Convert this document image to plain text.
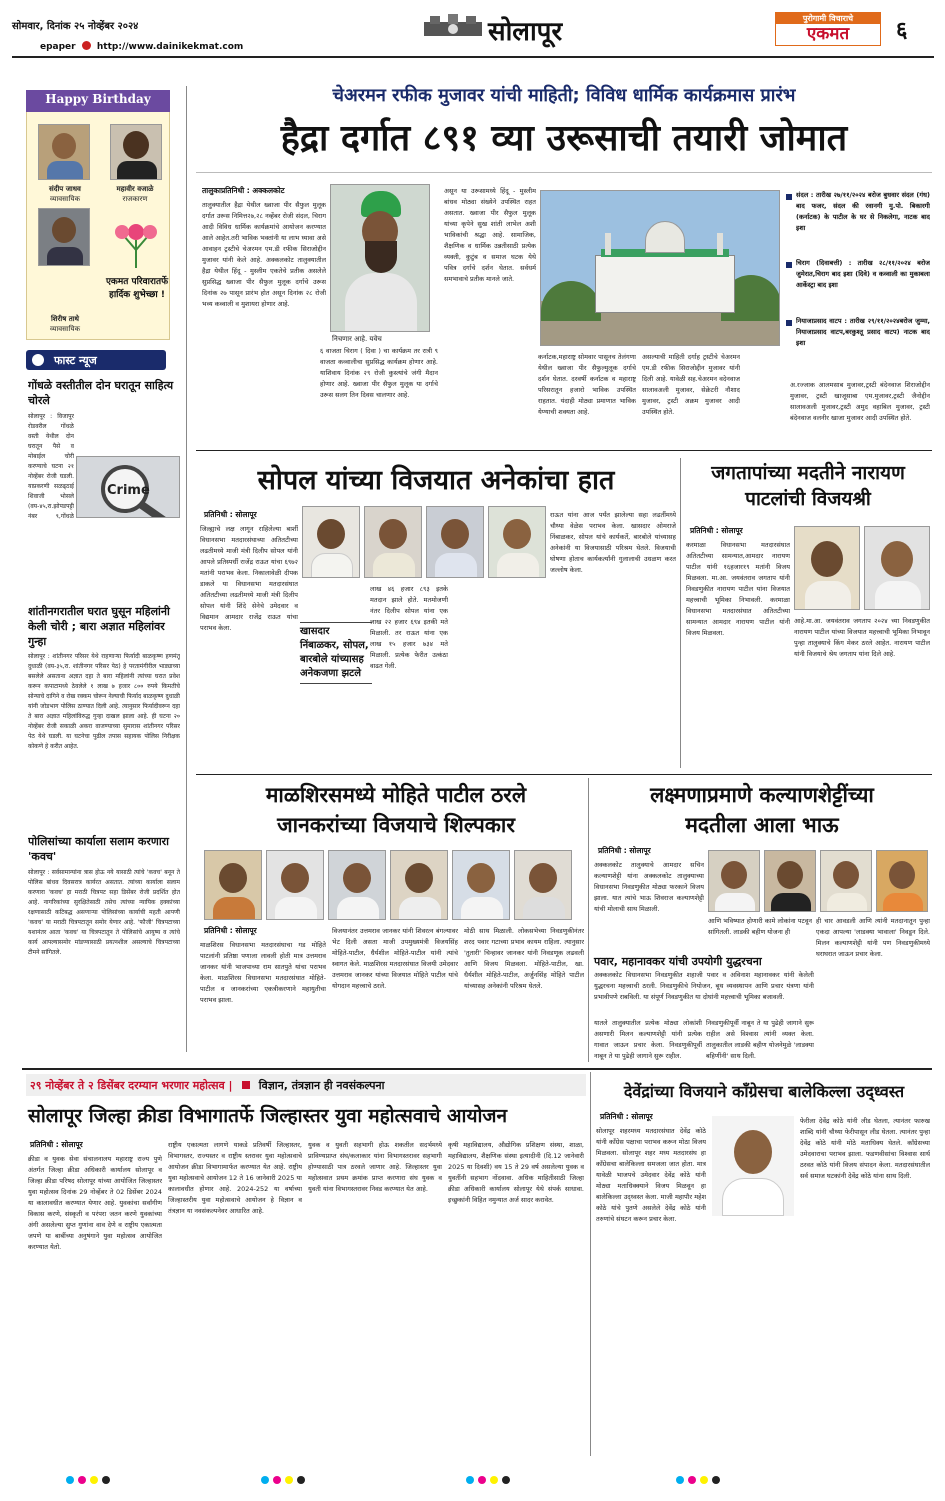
सोमवार, दिनांक २५ नोव्हेंबर २०२४
epaper http://www.dainikekmat.com	सोलापूर	पुरोगामी विचाराचे
एकमत	६
Happy Birthday
संदीप जाधव
व्यावसायिक
महावीर वजाळे
राजकारण
शिरीष ताथे
व्यावसायिक
एकमत परिवारातर्फे हार्दिक शुभेच्छा !
फास्ट न्यूज
गोंधळे वस्तीतील दोन घरातून साहित्य चोरले
Crime
सोलापूर : विजापूर रोडवरील गोंधळे वस्ती येथील दोन घरातून पैसे व मोबाईल चोरी करण्याचे घटना २१ नोव्हेंबर रोजी घडली. याप्रकरणी सळढ्ठाई शिवाजी भोसले (वय-४५,रा.झोपडपट्टी नंबर ९,गोंधळे
शांतीनगरातील घरात घुसून महिलांनी केली चोरी ; बारा अज्ञात महिलांवर गुन्हा
सोलापूर : शांतीनगर परिसर येथे राहणाऱ्या फिर्यादी बाळकृष्ण हणमंतू दुधाळी (वय-३५,रा. शांतीनगर परिसर पेठ) हे परतामंगीरील भाड्याच्या बसलेले असताना अज्ञात दहा ते बारा महिलांनी त्यांच्या घरात प्रवेश करून कपाटामध्ये ठेवलेले १ लाख ७ हजार ८०० रुपये किमतीचे सोन्याचे दागिने व रोख रक्कम चोरून नेल्याची फिर्याद बाळकृष्ण दुधाळी यांनी जोडभाग पोलिस ठाण्यात दिली आहे. त्यानुसार फिर्यादीवरून दहा ते बारा अज्ञात महिलांविरुद्ध गुन्हा दाखल झाला आहे. ही घटना २० नोव्हेंबर रोजी सकाळी अकरा वाजण्याच्या सुमारास शांतीनगर परिसर पेठ येथे घडली. या घटनेचा पुढील तपास सहायक पोलिस निरीक्षक कोकणे हे करीत आहेत.
पोलिसांच्या कार्याला सलाम करणारा 'कवच'
सोलापूर : सर्वसामान्यांना त्रास होऊ नये यासाठी त्यांचे 'कवच' बनून ते पोलिस बांधव दिवसरात्र कार्यरत असतात. त्यांच्या कार्याला सलाम करणारा 'कवच' हा मराठी चित्रपट सहा डिसेंबर रोजी प्रदर्शित होत आहे. नागरिकांच्या सुरक्षितेसाठी तसेच त्यांच्या न्यायिक हक्कांच्या रक्षणासाठी कटिबद्ध असणाऱ्या पोलिसांच्या कार्याची महती आपणी 'कवच' या मराठी चित्रपटातून समोर येणार आहे. 'फौजी' चित्रपटाच्या यशानंतर आता 'कवच' या चित्रपटातून ते पोलिसांचे आयुष्य व त्यांचे कार्य आपल्यासमोर मांडण्यासाठी प्रयत्नशील असल्याचे चित्रपटाच्या टीमने सांगितले.
चेअरमन रफीक मुजावर यांची माहिती; विविध धार्मिक कार्यक्रमास प्रारंभ
हैद्रा दर्गात ८९१ व्या उरूसाची तयारी जोमात
तालुकाप्रतिनिधी : अक्कलकोट
तालुक्यातील हैद्रा येथील ख्वाजा पीर सैफुल मुलूक दर्गात उरूस निमित्त२७,२८ नव्हेंबर रोजी संदल, चिराग आदी विविध धार्मिक कार्यक्रमांचे आयोजन करण्यात आले आहेत.तरी भाविक भक्तांनी या लाभ घ्यावा असे आवाहन ट्रस्टीचे चेअरमन एम.डी रफीक सिराजोद्दीन मुजावर यांनी केले आहे. अक्कलकोट तालुक्यातील हैद्रा येथील हिंदू - मुस्लीम एकतेचे प्रतीक असलेले सुप्रसिद्ध ख्वाजा पीर सैफुल मुलूक दर्गाचे उरूस दिनांक २७ पासून प्रारंभ होत असून दिनांक २८ रोजी भव्य कव्वाली व मुशायरा होणार आहे.
निचणार आहे. यवेच
६ वाजता चिराग ( दिवा ) चा कार्यक्रम तर रात्री ९ वाजता कव्वालीचा सुप्रसिद्ध कार्यक्रम होणार आहे. याशिवाय दिनांक २९ रोजी कुस्त्यांचे जंगी मैदान होणार आहे. ख्वाजा पीर सैफुल मुलूक या दर्गाचे उरूस सलग तिन दिवस चालणार आहे.
असून या उरूसामध्ये हिंदू - मुस्लीम बांधव मोठ्या संख्येने उपस्थित राहत असतात. ख्वाजा पीर सैफुल मुलूक यांच्या कृपेने सुख शांती लाभेल अशी भाविकांची श्रद्धा आहे. सामाजिक, शैक्षणिक व धार्मिक उन्नतीसाठी प्रत्येक व्यक्ती, कुटुंब व समाज घटक येथे पवित्र दर्गाचे दर्शन घेतात. सर्वधर्म समभावाचे प्रतीक मानले जाते.
कर्नाटक,महाराष्ट्र सोमवार पासूनच तेलंगणा येथील ख्वाजा पीर सैफुल्मुलूक दर्गाचे दर्शन घेतात. दरवर्षी कर्नाटक व महाराष्ट्र परिसरातून हजारो भाविक उपस्थित राहतात. यंदाही मोठ्या प्रमाणात भाविक येण्याची शक्यता आहे.
असल्याची माहिती दर्गाह ट्रस्टीचे चेअरमन एम.डी रफीक सिराजोद्दीन मुजावर यांनी दिली आहे. यावेळी सह.चेअरमन वदेनवाज सालावअली मुजावर, सेक्रेटरी नौशाद मुजावर, ट्रस्टी अक्रम मुजावर आदी उपस्थित होते.
अ.रज्जाक आलमसाब मुजावर,ट्रस्टी बंदेनवाज शिराजोद्दीन मुजावर, ट्रस्टी खाजूसाबा एम.मुजावर,ट्रस्टी जैनोद्दीन सालावअली मुजावर,ट्रस्टी अमुद वहाबिल मुजावर, ट्रस्टी बंदेनवाज वलनीर खाजा मुजावर आदी उपस्थित होते.
संदल : तारीख २७/११/२०२४ बरोज बुधवार संदल (गंध) बाद फजर, संदल की रवानगी मु.पो. बिकारगी (कर्नाटक) के पाटील के घर से निकलेगा, नाटक बाद इशा
चिराग (दिवाबत्ती) : तारीख २८/११/२०२४ बरोज जुमेरात,चिराग बाद इशा (दिवे) व कव्वाली का मुकाबला आर्केस्ट्रा बाद इशा
नियाजाप्रसाद वाटप : तारीख २९/११/२०२४बरोज जुम्मा, नियाजाप्रसाद वाटप,बरकुश्तू प्रसाद वाटप) नाटक बाद इशा
सोपल यांच्या विजयात अनेकांचा हात
प्रतिनिधी : सोलापूर
जिल्ह्याचे लक्ष लागून राहिलेल्या बार्शी विधानसभा मतदारसंघाच्या अतितटीच्या लढतीमध्ये माजी मंत्री दिलीप सोपल यांनी आपले प्रतिस्पर्धी राजेंद्र राऊत यांचा ६९७२ मतांनी पराभव केला. निकालावेळी दीपक डाकले या विधानसभा मतदारसंघात अतितटीच्या लढतीमध्ये माजी मंत्री दिलीप सोपल यांनी शिंदे सेनेचे उमेदवार व विद्यमान आमदार राजेंद्र राऊत यांचा पराभव केला.
लाख ४६ हजार ८९३ इतके मतदान झाले होते. मतमोजणी नंतर दिलीप सोपल यांना एक लाख २२ हजार ६९४ इतकी मते मिळाली. तर राऊत यांना एक लाख १५ हजार ७३४ मते मिळाली. प्रत्येक फेरीत उत्कंठा वाढत गेली.
खासदार निंबाळकर, सोपल, बारबोले यांच्यासह अनेकजणा झटले
राऊत यांना आज पर्यंत झालेल्या सहा लढतींमध्ये चौथ्या वेळेस पराभव केला. खासदार ओमराजे निंबाळकर, सोपल यांचे कार्यकर्ते, बारबोले यांच्यासह अनेकांनी या विजयासाठी परिश्रम घेतले. विजयाची घोषणा होताच कार्यकर्त्यांनी गुलालाची उधळण करत जल्लोष केला.
जगतापांच्या मदतीने नारायण पाटलांची विजयश्री
प्रतिनिधी : सोलापूर
करमाळा विधानसभा मतदारसंघात अतितटीच्या सामन्यात,आमदार नारायण पाटील यांनी १६हजार१९ मतांनी विजय मिळवला. मा.आ. जयवंतराव जगताप यांनी निवडणुकीत नारायण पाटील यांना विजयात महत्त्वाची भूमिका निभावली. करमाळा विधानसभा मतदारसंघात अतितटीच्या सामन्यात आमदार नारायण पाटील यांनी विजय मिळवला.
आहे.मा.आ. जयवंतराव जगताप २०२४ च्या निवडणुकीत नारायण पाटील यांच्या विजयात महत्त्वाची भूमिका निभावून पुन्हा तालुक्याचे किंग मेकर ठरले आहेत. नारायण पाटील यांनी विजयाचे श्रेय जगताप यांना दिले आहे.
माळशिरसमध्ये मोहिते पाटील ठरले
जानकरांच्या विजयाचे शिल्पकार
प्रतिनिधी : सोलापूर
माळशिरस विधानसभा मतदारसंघाचा गड मोहिते पाटलांनी प्रतिष्ठा पणाला लावली होती मात्र उत्तमराव जानकर यांनी भाजपाच्या राम सातपुते यांचा पराभव केला. माळशिरस विधानसभा मतदारसंघात मोहिते-पाटील व जानकरांच्या एकत्रीकरणाने महायुतीचा पराभव झाला.
विजयानंतर उत्तमराव जानकर यांनी शिवरत्न बंगल्यावर भेट दिली असता माजी उपमुख्यमंत्री विजयसिंह मोहिते-पाटील, धैर्यशील मोहिते-पाटील यांनी त्यांचे स्वागत केले. माळशिरस मतदारसंघात विजयी उमेदवार उत्तमराव जानकर यांच्या विजयात मोहिते पाटील यांचे योगदान महत्त्वाचे ठरले.
मोठी साथ मिळाली. लोकसभेच्या निवडणुकीनंतर शरद पवार गटाच्या प्रभाव कायम राहिला. त्यानुसार 'तुतारी' चिन्हावर जानकर यांनी निवडणूक लढवली आणि विजय मिळवला. मोहिते-पाटील, खा. धैर्यशील मोहिते-पाटील, अर्जुनसिंह मोहिते पाटील यांच्यासह अनेकांनी परिश्रम घेतले.
लक्ष्मणाप्रमाणे कल्याणशेट्टींच्या
मदतीला आला भाऊ
प्रतिनिधी : सोलापूर
अक्कलकोट तालुक्याचे आमदार सचिन कल्याणशेट्टी यांना अक्कलकोट तालुक्याच्या विधानसभा निवडणुकीत मोठ्या फरकाने विजय झाला. यात त्यांचे भाऊ शिवराज कल्याणशेट्टी यांची मोलाची साथ मिळाली.
आणि भविष्यात होणारी कामे लोकांना पटवून सांगितली. लाडकी बहीण योजना ही
ही चार आवडली आणि त्यांनी मतदानातून पुन्हा एकदा आपल्या 'लाडक्या भावाला' निवडून दिले. मिलन कल्याणशेट्टी यांनी पण निवडणुकीमध्ये घराघरात जाऊन प्रचार केला.
पवार, महानावकर यांची उपयोगी युद्धरचना
अक्कलकोट विधानसभा निवडणुकीत शहाजी पवार व अविनाश महानावकर यांनी केलेली युद्धरचना महत्त्वाची ठरली. निवडणुकीचे नियोजन, बूथ व्यवस्थापन आणि प्रचार यंत्रणा यांनी प्रभावीपणे राबविली. या संपूर्ण निवडणुकीत या दोघांनी महत्त्वाची भूमिका बजावली.
यातले तालुक्यातील प्रत्येक मोठ्या लोकांशी असणारी मिलन कल्याणशेट्टी यांनी प्रत्येक गावात जाऊन प्रचार केला. निवडणुकीपूर्वी नाबून ते या पुढेही जागाने सुरू राहील.
निवडणुकीपूर्वी नाबून ते या पुढेही जागाने सुरू राहील असे विश्वास त्यांनी व्यक्त केला. तालुकातील लाडकी बहीण योजनेमुळे 'लाडक्या बहिणींनी' साथ दिली.
२९ नोव्हेंबर ते २ डिसेंबर दरम्यान भरणार महोत्सव | विज्ञान, तंत्रज्ञान ही नवसंकल्पना
सोलापूर जिल्हा क्रीडा विभागातर्फे जिल्हास्तर युवा महोत्सवाचे आयोजन
प्रतिनिधी : सोलापूर
क्रीडा व युवक सेवा संचालनालय महाराष्ट्र राज्य पुणे अंतर्गत जिल्हा क्रीडा अधिकारी कार्यालय सोलापूर व जिल्हा क्रीडा परिषद सोलापूर यांच्या आयोजित जिल्हास्तर युवा महोत्सव दिनांक 29 नोव्हेंबर ते 02 डिसेंबर 2024 या कालावधीत करण्यात येणार आहे. युवकांचा सर्वांगीण विकास करणे, संस्कृती व परंपरा जतन करणे युवकांच्या अंगी असलेल्या सुप्त गुणांना वाव देणे व राष्ट्रीय एकात्मता जपणे या बाबींच्या अनुषंगाने युवा महोत्सव आयोजित करण्यात येतो.
राष्ट्रीय एकात्मता लागणे याकडे प्रतिवर्षी जिल्हास्तर, विभागस्तर, राज्यस्तर व राष्ट्रीय स्तरावर युवा महोत्सवाचे आयोजन क्रीडा विभागामार्फत करण्यात येत आहे. राष्ट्रीय युवा महोत्सवाचे आयोजन 12 ते 16 जानेवारी 2025 या कालावधीत होणार आहे. 2024-252 या वर्षाच्या जिल्हास्तरीय युवा महोत्सवाचे आयोजन हे विज्ञान व तंत्रज्ञान या नवसंकल्पनेवर आधारित आहे.
युवक व युवती सहभागी होऊ शकतील सदर्भमध्ये प्राविण्यप्राप्त संघ/कलाकार यांना विभागस्तरावर सहभागी होण्यासाठी पात्र ठरवले जाणार आहे. जिल्हास्तर युवा महोत्सवात प्रथम क्रमांक प्राप्त करणारा संघ युवक व युवती यांना विभागस्तरावर निवड करण्यात येत आहे.
कृषी महाविद्यालय, औद्योगिक प्रशिक्षण संस्था, शाळा, महाविद्यालय, शैक्षणिक संस्था इत्यादीनी (दि.12 जानेवारी 2025 या दिवशी) वय 15 ते 29 वर्ष असलेल्या युवक व युवतींनी सहभाग नोंदवावा. अधिक माहितीसाठी जिल्हा क्रीडा अधिकारी कार्यालय सोलापूर येथे संपर्क साधावा. इच्छुकांनी विहित नमुन्यात अर्ज सादर करावेत.
देवेंद्रांच्या विजयाने काँग्रेसचा बालेकिल्ला उद्ध्वस्त
प्रतिनिधी : सोलापूर
सोलापूर शहरमध्य मतदारसंघात देवेंद्र कोठे यांनी काँग्रेस पक्षाचा पराभव करून मोठा विजय मिळवला. सोलापूर शहर मध्य मतदारसंघ हा काँग्रेसचा बालेकिल्ला समजला जात होता. मात्र यावेळी भाजपचे उमेदवार देवेंद्र कोठे यांनी मोठ्या मताधिक्क्याने विजय मिळवून हा बालेकिल्ला उद्ध्वस्त केला. माजी महापौर महेश कोठे यांचे पुतणे असलेले देवेंद्र कोठे यांनी तरुणांचे संघटन करून प्रचार केला.
फेरीला देवेंद्र कोठे यांनी लीड घेतला, त्यानंतर फारुख शाब्दि यांनी चौथ्या फेरीपासून लीड घेतला. त्यानंतर पुन्हा देवेंद्र कोठे यांनी मोठे मताधिक्य घेतले. काँग्रेसच्या उमेदवाराचा पराभव झाला. फडणवीसांचा विश्वास सार्थ ठरवत कोठे यांनी विजय संपादन केला. मतदारसंघातील सर्व समाज घटकांनी देवेंद्र कोठे यांना साथ दिली.
